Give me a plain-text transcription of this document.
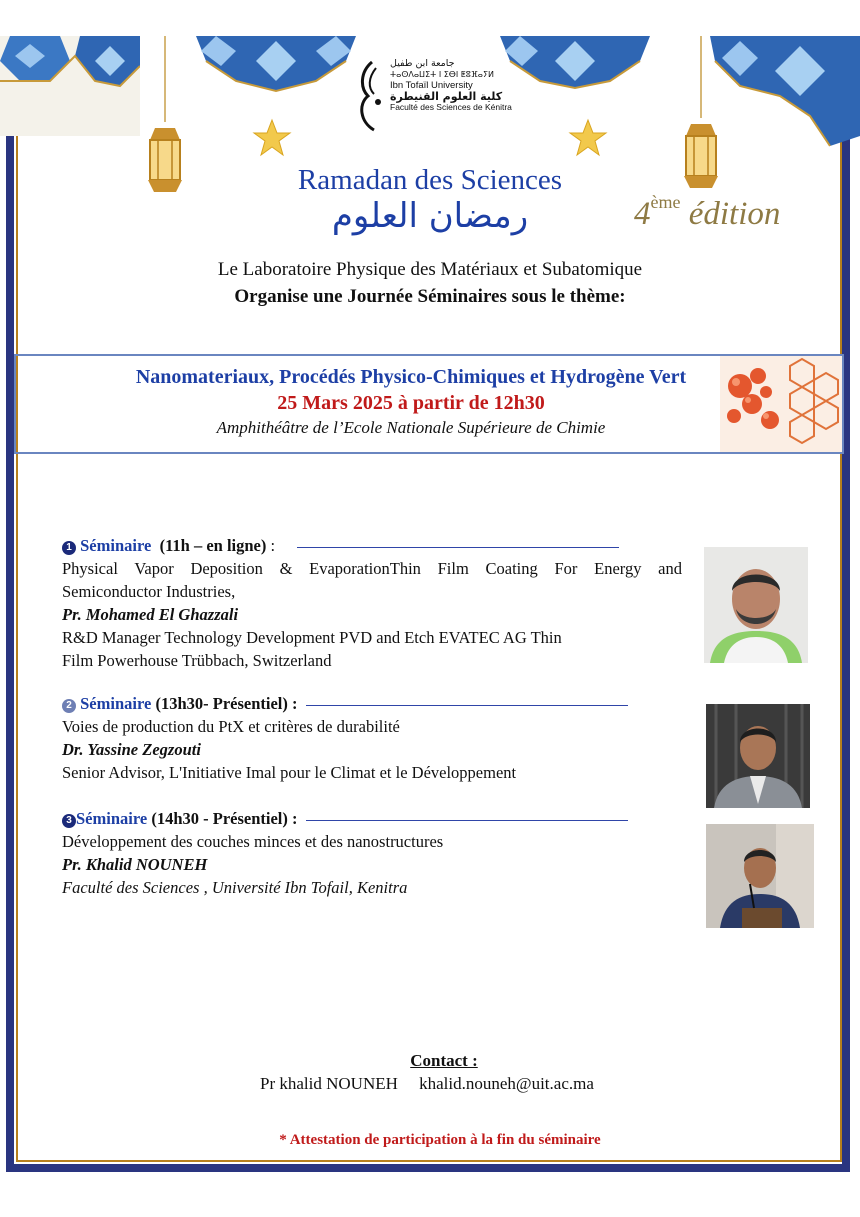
جامعة ابن طفيل
ⵜⴰⵙⴷⴰⵡⵉⵜ ⵏ ⵉⴱⵏ ⵟⵓⴼⴰⵢⵍ
Ibn Tofaïl University
كلية العلوم القنيطرة
Faculté des Sciences de Kénitra
Ramadan des Sciences
رمضان العلوم	4ème édition
Le Laboratoire Physique des Matériaux et Subatomique
Organise une Journée Séminaires sous le thème:
Nanomateriaux, Procédés Physico-Chimiques et Hydrogène Vert
25 Mars 2025 à partir de 12h30
Amphithéâtre de l’Ecole Nationale Supérieure de Chimie
1 Séminaire (11h – en ligne) :
Physical Vapor Deposition & EvaporationThin Film Coating For Energy and
Semiconductor Industries,
Pr. Mohamed El Ghazzali
R&D Manager Technology Development PVD and Etch EVATEC AG Thin
Film Powerhouse Trübbach, Switzerland
2 Séminaire (13h30- Présentiel) :
Voies de production du PtX et critères de durabilité
Dr. Yassine Zegzouti
Senior Advisor, L'Initiative Imal pour le Climat et le Développement
3 Séminaire (14h30 - Présentiel) :
Développement des couches minces et des nanostructures
Pr. Khalid NOUNEH
Faculté des Sciences , Université Ibn Tofail, Kenitra
Contact :
Pr khalid NOUNEH khalid.nouneh@uit.ac.ma
* Attestation de participation à la fin du séminaire
